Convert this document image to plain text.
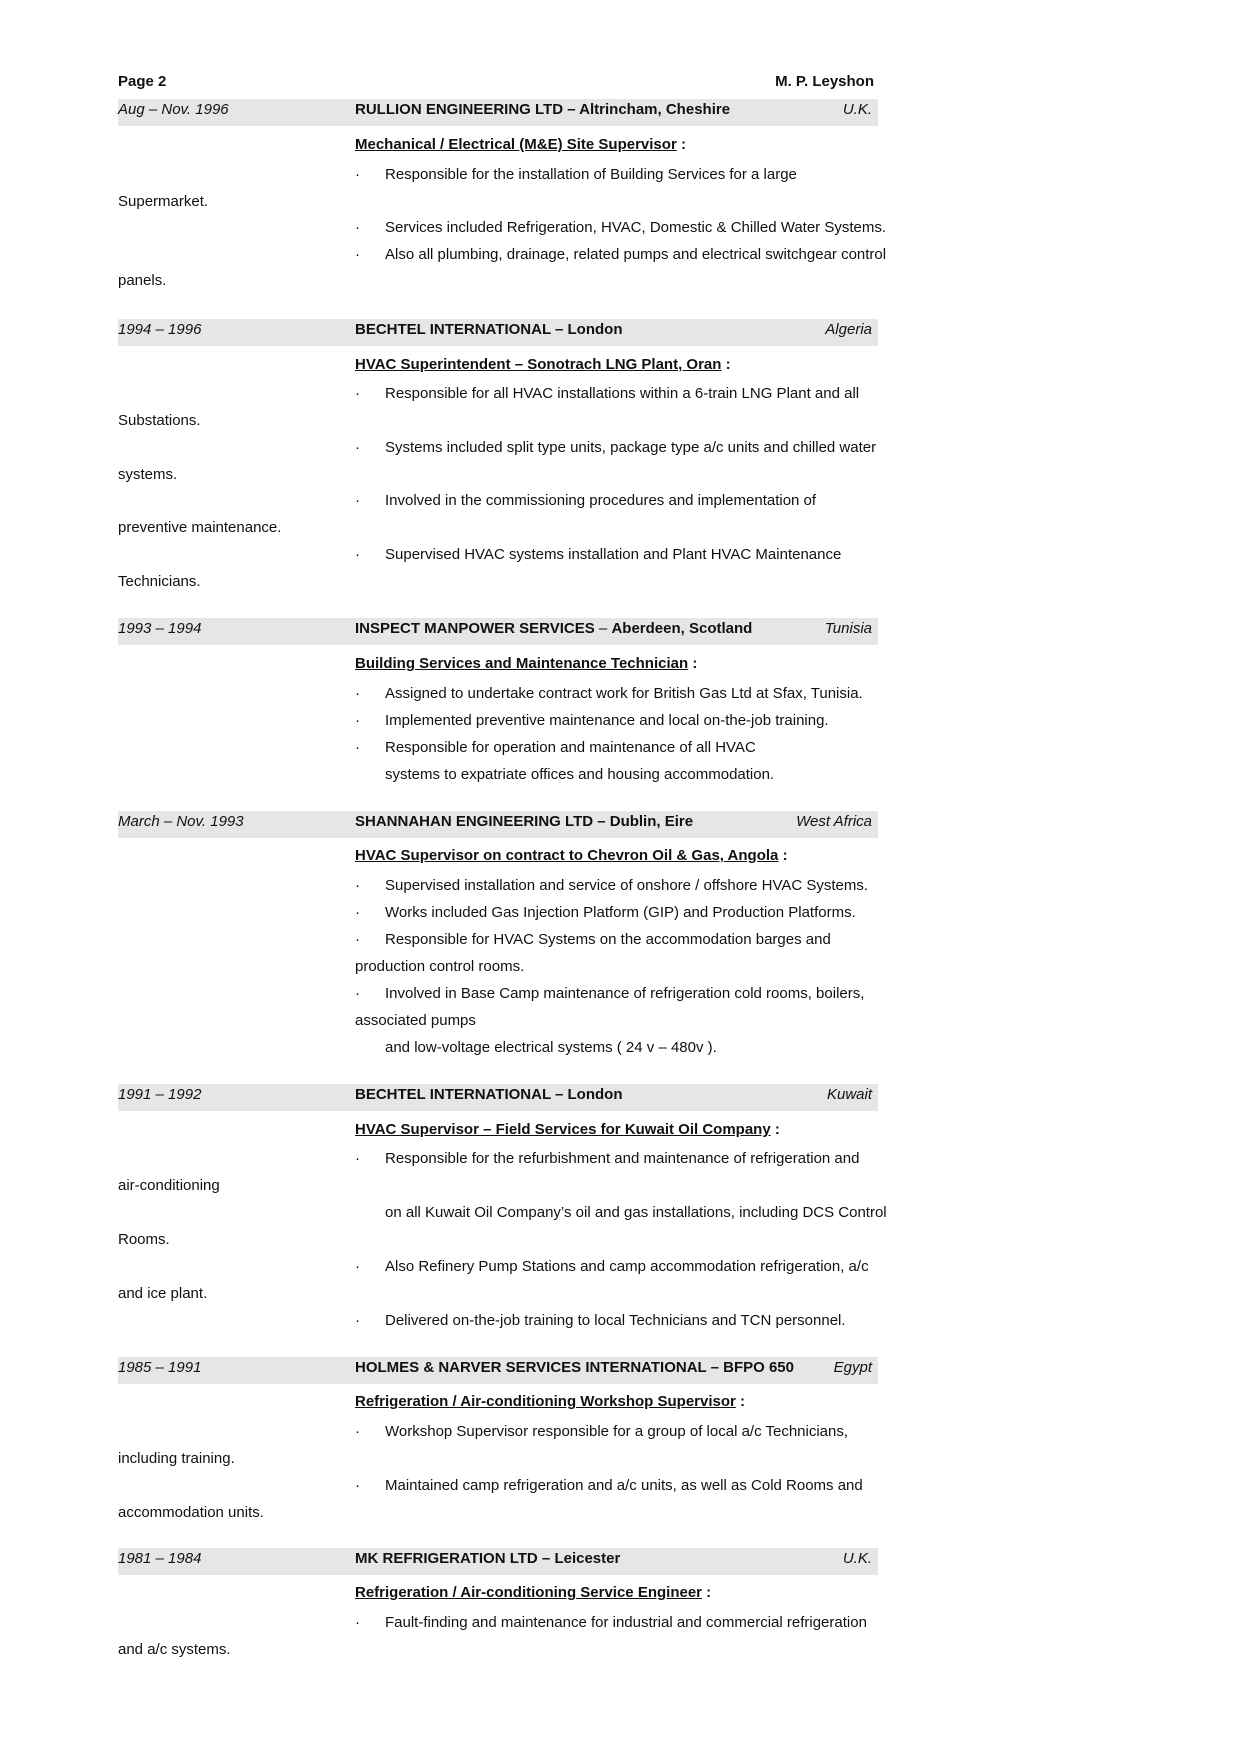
Page 2	M. P. Leyshon
Aug – Nov. 1996	RULLION ENGINEERING LTD – Altrincham, Cheshire	U.K.
Mechanical / Electrical (M&E) Site Supervisor :
· Responsible for the installation of Building Services for a large
Supermarket.
· Services included Refrigeration, HVAC, Domestic & Chilled Water Systems.
· Also all plumbing, drainage, related pumps and electrical switchgear control
panels.
1994 – 1996	BECHTEL INTERNATIONAL – London	Algeria
HVAC Superintendent – Sonotrach LNG Plant, Oran :
· Responsible for all HVAC installations within a 6-train LNG Plant and all
Substations.
· Systems included split type units, package type a/c units and chilled water
systems.
· Involved in the commissioning procedures and implementation of
preventive maintenance.
· Supervised HVAC systems installation and Plant HVAC Maintenance
Technicians.
1993 – 1994	INSPECT MANPOWER SERVICES – Aberdeen, Scotland	Tunisia
Building Services and Maintenance Technician :
· Assigned to undertake contract work for British Gas Ltd at Sfax, Tunisia.
· Implemented preventive maintenance and local on-the-job training.
· Responsible for operation and maintenance of all HVAC
systems to expatriate offices and housing accommodation.
March – Nov. 1993	SHANNAHAN ENGINEERING LTD – Dublin, Eire	West Africa
HVAC Supervisor on contract to Chevron Oil & Gas, Angola :
· Supervised installation and service of onshore / offshore HVAC Systems.
· Works included Gas Injection Platform (GIP) and Production Platforms.
· Responsible for HVAC Systems on the accommodation barges and
production control rooms.
· Involved in Base Camp maintenance of refrigeration cold rooms, boilers,
associated pumps
and low-voltage electrical systems ( 24 v – 480v ).
1991 – 1992	BECHTEL INTERNATIONAL – London	Kuwait
HVAC Supervisor – Field Services for Kuwait Oil Company :
· Responsible for the refurbishment and maintenance of refrigeration and
air-conditioning
on all Kuwait Oil Company’s oil and gas installations, including DCS Control
Rooms.
· Also Refinery Pump Stations and camp accommodation refrigeration, a/c
and ice plant.
· Delivered on-the-job training to local Technicians and TCN personnel.
1985 – 1991	HOLMES & NARVER SERVICES INTERNATIONAL – BFPO 650	Egypt
Refrigeration / Air-conditioning Workshop Supervisor :
· Workshop Supervisor responsible for a group of local a/c Technicians,
including training.
· Maintained camp refrigeration and a/c units, as well as Cold Rooms and
accommodation units.
1981 – 1984	MK REFRIGERATION LTD – Leicester	U.K.
Refrigeration / Air-conditioning Service Engineer :
· Fault-finding and maintenance for industrial and commercial refrigeration
and a/c systems.
